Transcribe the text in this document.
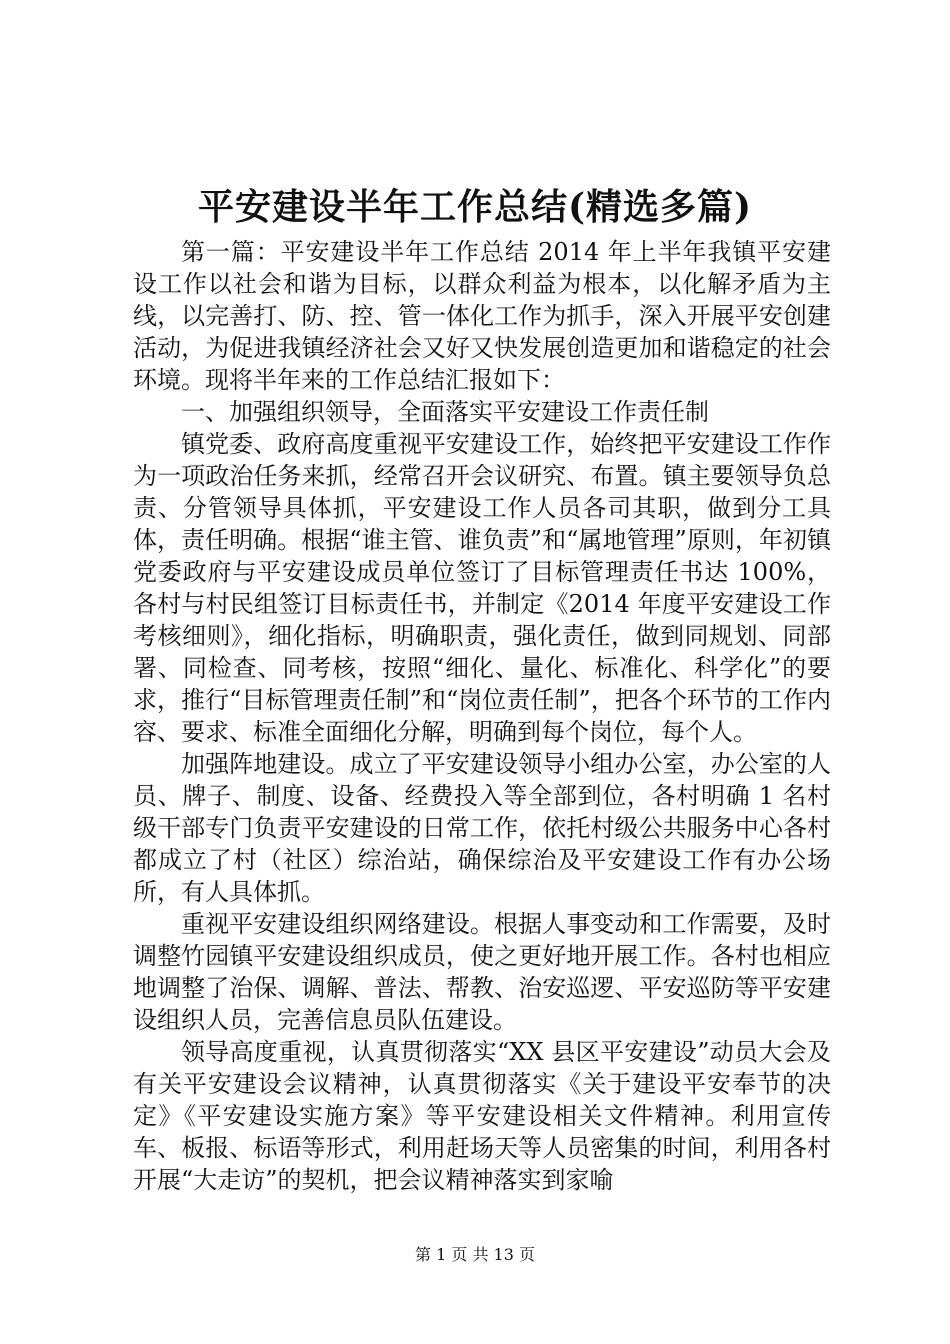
平安建设半年工作总结(精选多篇)

第一篇：平安建设半年工作总结 2014 年上半年我镇平安建设工作以社会和谐为目标，以群众利益为根本，以化解矛盾为主线，以完善打、防、控、管一体化工作为抓手，深入开展平安创建活动，为促进我镇经济社会又好又快发展创造更加和谐稳定的社会环境。现将半年来的工作总结汇报如下：

一、加强组织领导，全面落实平安建设工作责任制

镇党委、政府高度重视平安建设工作，始终把平安建设工作作为一项政治任务来抓，经常召开会议研究、布置。镇主要领导负总责、分管领导具体抓，平安建设工作人员各司其职，做到分工具体，责任明确。根据“谁主管、谁负责”和“属地管理”原则，年初镇党委政府与平安建设成员单位签订了目标管理责任书达 100%，各村与村民组签订目标责任书，并制定《2014 年度平安建设工作考核细则》，细化指标，明确职责，强化责任，做到同规划、同部署、同检查、同考核，按照“细化、量化、标准化、科学化”的要求，推行“目标管理责任制”和“岗位责任制”，把各个环节的工作内容、要求、标准全面细化分解，明确到每个岗位，每个人。

加强阵地建设。成立了平安建设领导小组办公室，办公室的人员、牌子、制度、设备、经费投入等全部到位，各村明确 1 名村级干部专门负责平安建设的日常工作，依托村级公共服务中心各村都成立了村（社区）综治站，确保综治及平安建设工作有办公场所，有人具体抓。

重视平安建设组织网络建设。根据人事变动和工作需要，及时调整竹园镇平安建设组织成员，使之更好地开展工作。各村也相应地调整了治保、调解、普法、帮教、治安巡逻、平安巡防等平安建设组织人员，完善信息员队伍建设。

领导高度重视，认真贯彻落实“XX 县区平安建设”动员大会及有关平安建设会议精神，认真贯彻落实《关于建设平安奉节的决定》《平安建设实施方案》等平安建设相关文件精神。利用宣传车、板报、标语等形式，利用赶场天等人员密集的时间，利用各村开展“大走访”的契机，把会议精神落实到家喻

第 1 页 共 13 页
